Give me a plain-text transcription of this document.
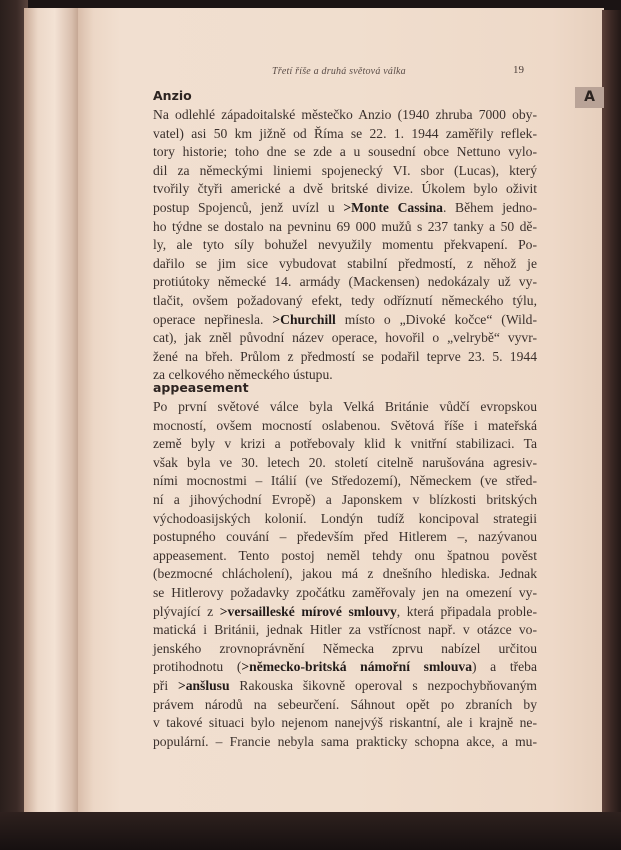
Třetí říše a druhá světová válka	19
A
Anzio
Na odlehlé západoitalské městečko Anzio (1940 zhruba 7000 oby-
vatel) asi 50 km jižně od Říma se 22. 1. 1944 zaměřily reflek-
tory historie; toho dne se zde a u sousední obce Nettuno vylo-
dil za německými liniemi spojenecký VI. sbor (Lucas), který
tvořily čtyři americké a dvě britské divize. Úkolem bylo oživit
postup Spojenců, jenž uvízl u >Monte Cassina. Během jedno-
ho týdne se dostalo na pevninu 69 000 mužů s 237 tanky a 50 dě-
ly, ale tyto síly bohužel nevyužily momentu překvapení. Po-
dařilo se jim sice vybudovat stabilní předmostí, z něhož je
protiútoky německé 14. armády (Mackensen) nedokázaly už vy-
tlačit, ovšem požadovaný efekt, tedy odříznutí německého týlu,
operace nepřinesla. >Churchill místo o „Divoké kočce“ (Wild-
cat), jak zněl původní název operace, hovořil o „velrybě“ vyvr-
žené na břeh. Průlom z předmostí se podařil teprve 23. 5. 1944
za celkového německého ústupu.
appeasement
Po první světové válce byla Velká Británie vůdčí evropskou
mocností, ovšem mocností oslabenou. Světová říše i mateřská
země byly v krizi a potřebovaly klid k vnitřní stabilizaci. Ta
však byla ve 30. letech 20. století citelně narušována agresiv-
ními mocnostmi – Itálií (ve Středozemí), Německem (ve střed-
ní a jihovýchodní Evropě) a Japonskem v blízkosti britských
východoasijských kolonií. Londýn tudíž koncipoval strategii
postupného couvání – především před Hitlerem –, nazývanou
appeasement. Tento postoj neměl tehdy onu špatnou pověst
(bezmocné chlácholení), jakou má z dnešního hlediska. Jednak
se Hitlerovy požadavky zpočátku zaměřovaly jen na omezení vy-
plývající z >versailleské mírové smlouvy, která připadala proble-
matická i Británii, jednak Hitler za vstřícnost např. v otázce vo-
jenského zrovnoprávnění Německa zprvu nabízel určitou
protihodnotu (>německo-britská námořní smlouva) a třeba
při >anšlusu Rakouska šikovně operoval s nezpochybňovaným
právem národů na sebeurčení. Sáhnout opět po zbraních by
v takové situaci bylo nejenom nanejvýš riskantní, ale i krajně ne-
populární. – Francie nebyla sama prakticky schopna akce, a mu-
